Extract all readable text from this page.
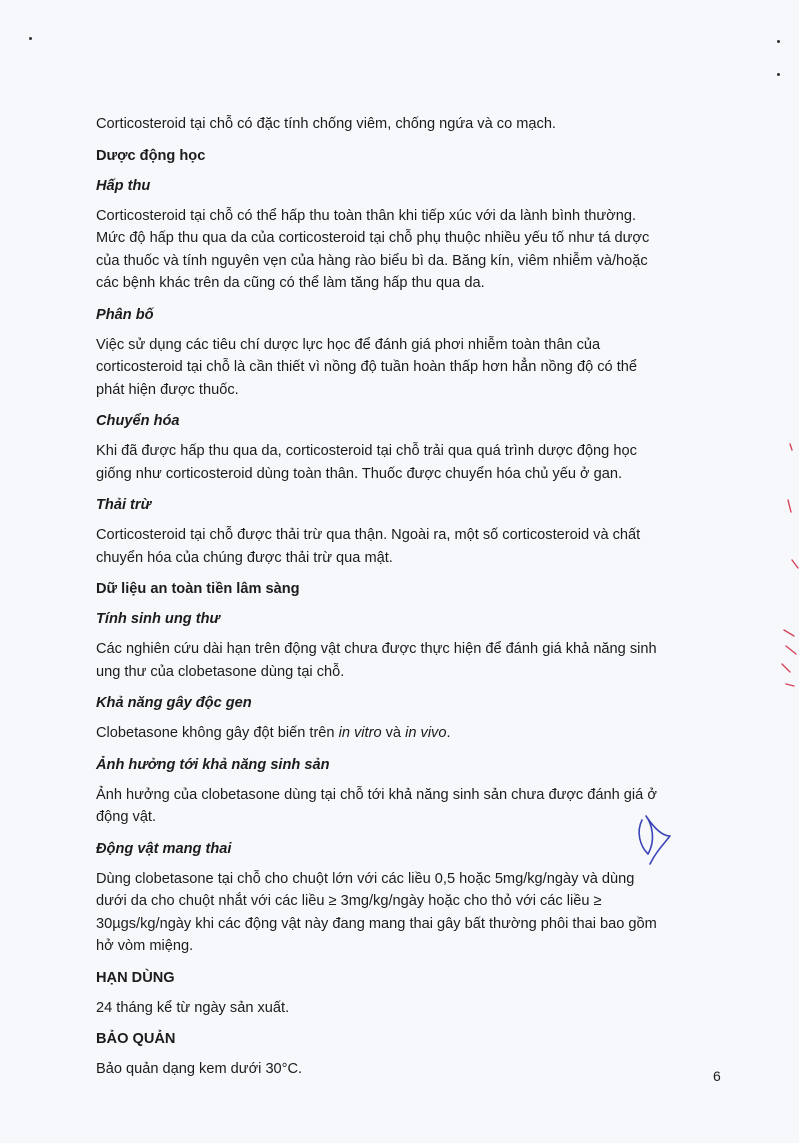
Corticosteroid tại chỗ có đặc tính chống viêm, chống ngứa và co mạch.
Dược động học
Hấp thu
Corticosteroid tại chỗ có thể hấp thu toàn thân khi tiếp xúc với da lành bình thường.
Mức độ hấp thu qua da của corticosteroid tại chỗ phụ thuộc nhiều yếu tố như tá dược
của thuốc và tính nguyên vẹn của hàng rào biểu bì da. Băng kín, viêm nhiễm và/hoặc
các bệnh khác trên da cũng có thể làm tăng hấp thu qua da.
Phân bố
Việc sử dụng các tiêu chí dược lực học để đánh giá phơi nhiễm toàn thân của
corticosteroid tại chỗ là cần thiết vì nồng độ tuần hoàn thấp hơn hẳn nồng độ có thể
phát hiện được thuốc.
Chuyển hóa
Khi đã được hấp thu qua da, corticosteroid tại chỗ trải qua quá trình dược động học
giống như corticosteroid dùng toàn thân. Thuốc được chuyển hóa chủ yếu ở gan.
Thải trừ
Corticosteroid tại chỗ được thải trừ qua thận. Ngoài ra, một số corticosteroid và chất
chuyển hóa của chúng được thải trừ qua mật.
Dữ liệu an toàn tiền lâm sàng
Tính sinh ung thư
Các nghiên cứu dài hạn trên động vật chưa được thực hiện để đánh giá khả năng sinh
ung thư của clobetasone dùng tại chỗ.
Khả năng gây độc gen
Clobetasone không gây đột biến trên in vitro và in vivo.
Ảnh hưởng tới khả năng sinh sản
Ảnh hưởng của clobetasone dùng tại chỗ tới khả năng sinh sản chưa được đánh giá ở
động vật.
Động vật mang thai
Dùng clobetasone tại chỗ cho chuột lớn với các liều 0,5 hoặc 5mg/kg/ngày và dùng
dưới da cho chuột nhắt với các liều ≥ 3mg/kg/ngày hoặc cho thỏ với các liều ≥
30µgs/kg/ngày khi các động vật này đang mang thai gây bất thường phôi thai bao gồm
hở vòm miệng.
HẠN DÙNG
24 tháng kể từ ngày sản xuất.
BẢO QUẢN
Bảo quản dạng kem dưới 30°C.	6
